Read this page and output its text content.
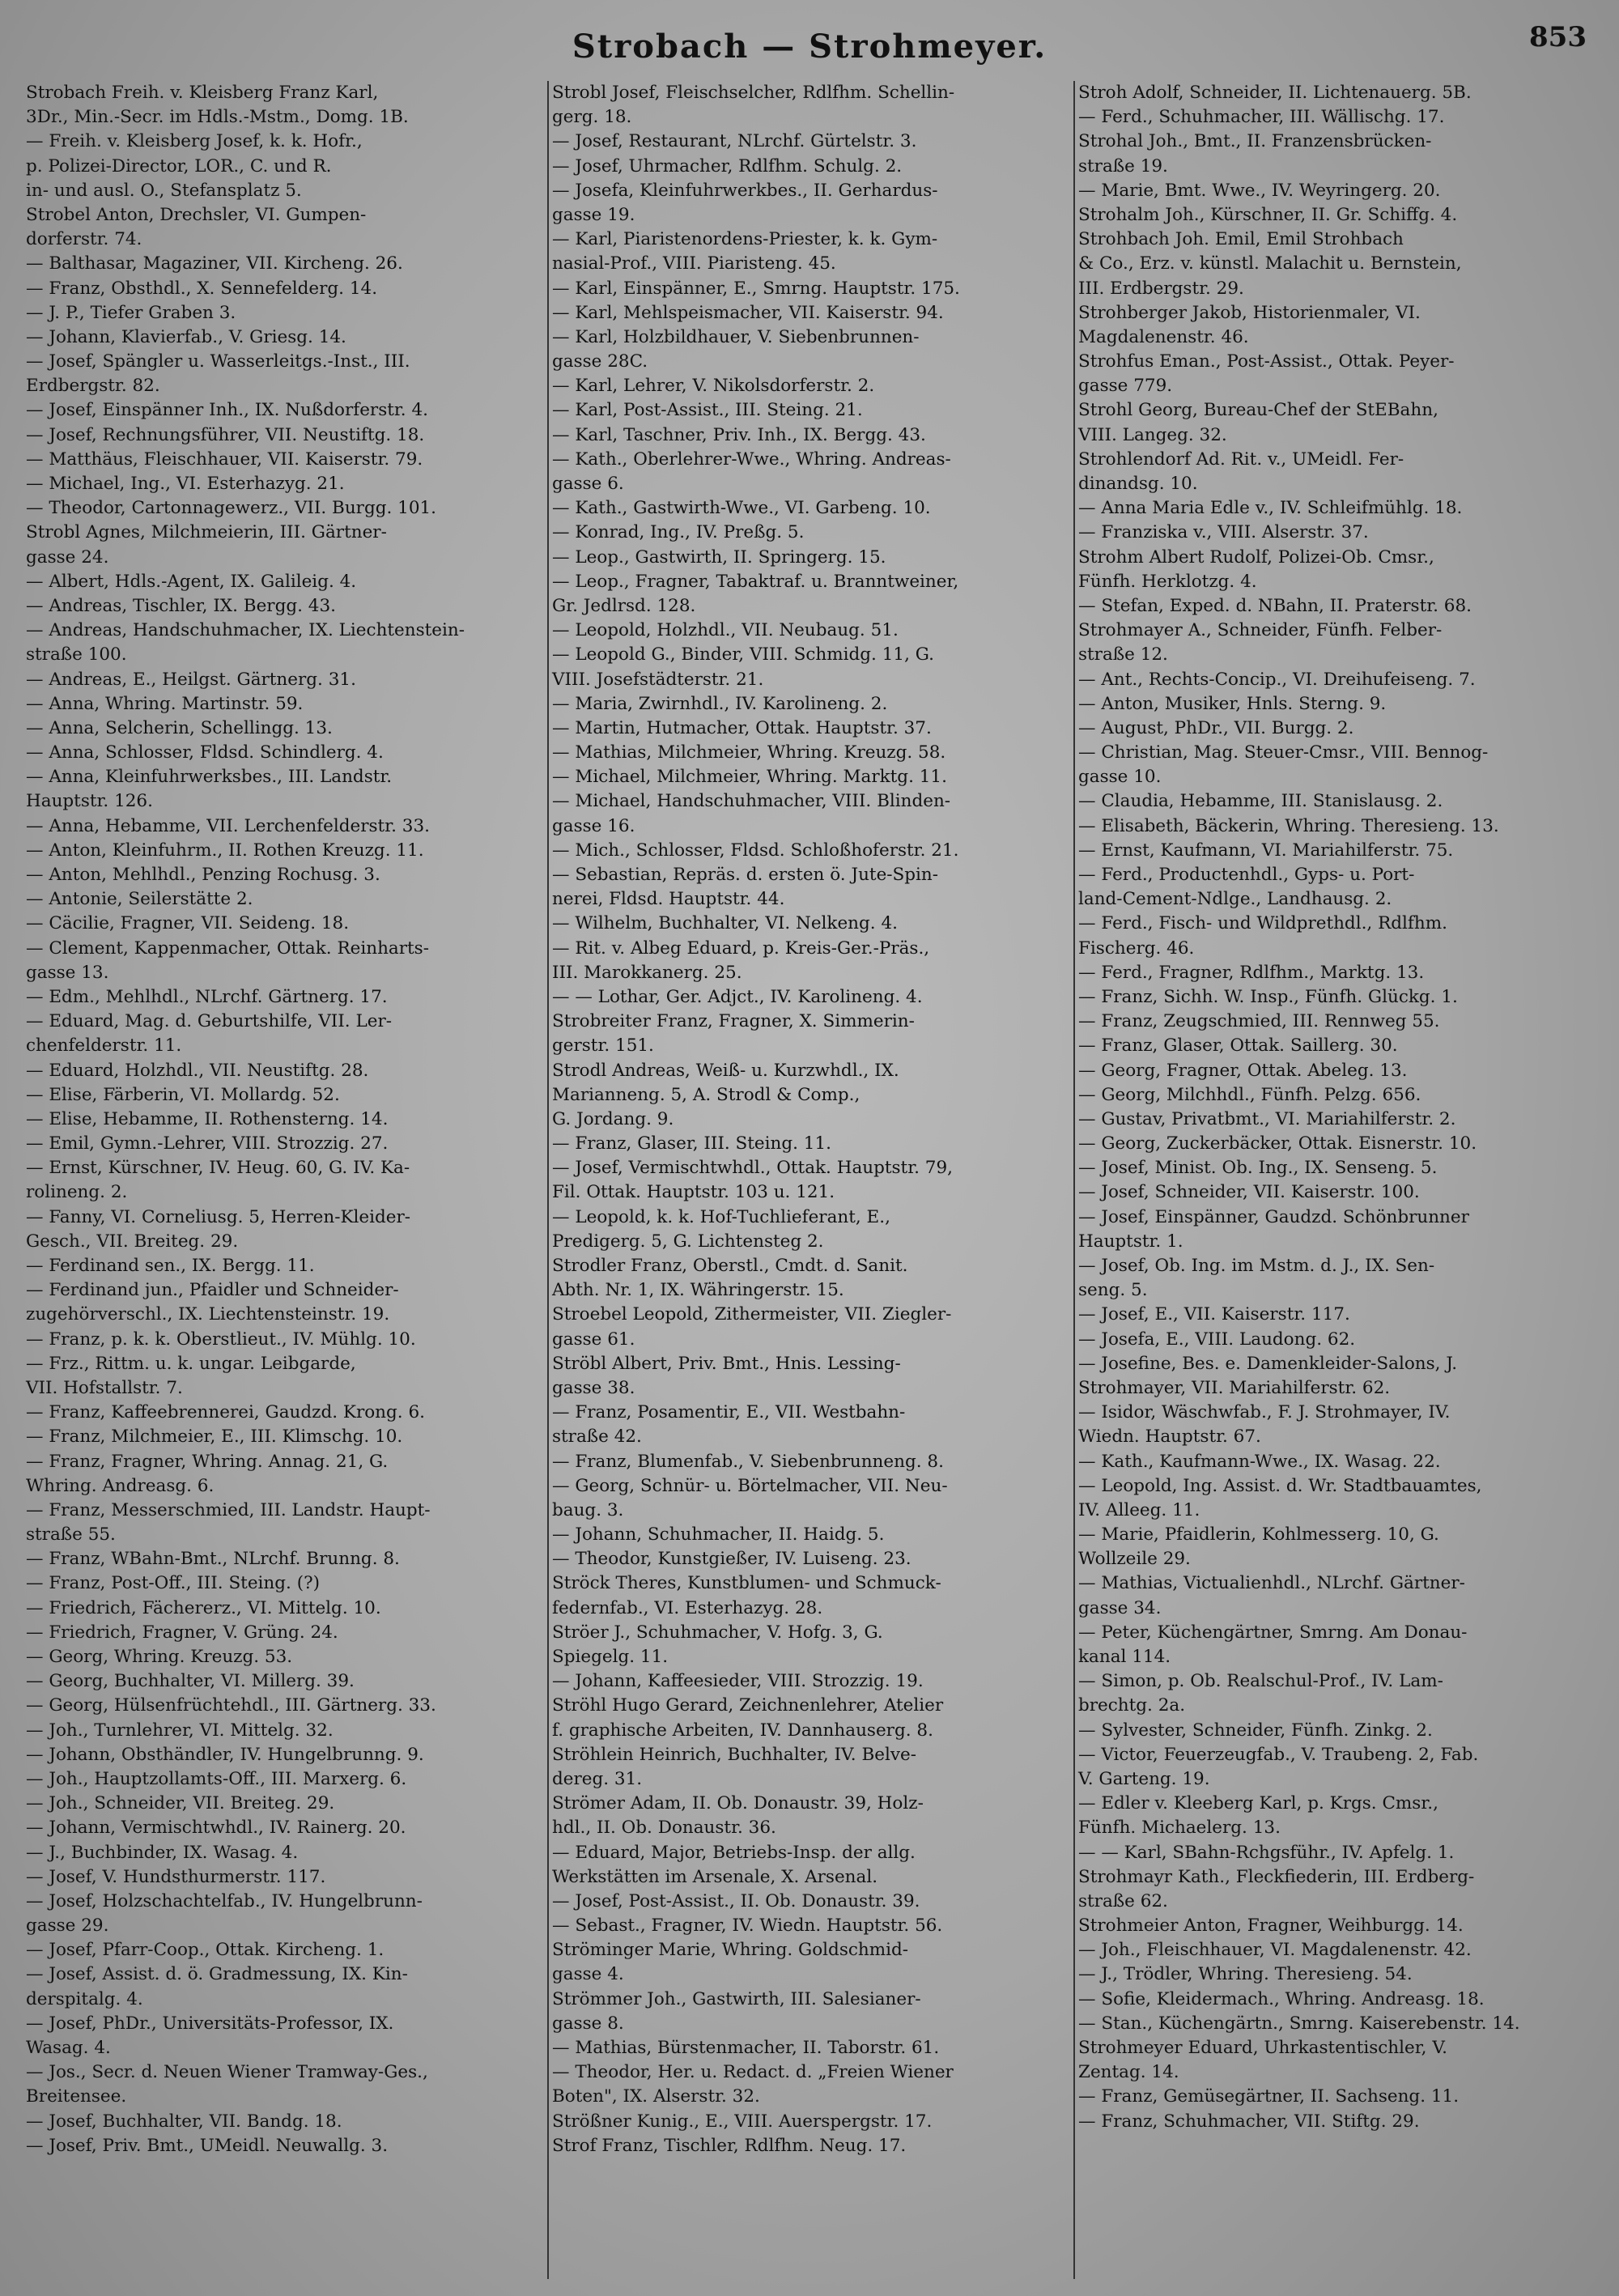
Strobach — Strohmeyer.	853
Strobach Freih. v. Kleisberg Franz Karl,
3Dr., Min.-Secr. im Hdls.-Mstm., Domg. 1B.
— Freih. v. Kleisberg Josef, k. k. Hofr.,
p. Polizei-Director, LOR., C. und R.
in- und ausl. O., Stefansplatz 5.
Strobel Anton, Drechsler, VI. Gumpen-
dorferstr. 74.
— Balthasar, Magaziner, VII. Kircheng. 26.
— Franz, Obsthdl., X. Sennefelderg. 14.
— J. P., Tiefer Graben 3.
— Johann, Klavierfab., V. Griesg. 14.
— Josef, Spängler u. Wasserleitgs.-Inst., III.
Erdbergstr. 82.
— Josef, Einspänner Inh., IX. Nußdorferstr. 4.
— Josef, Rechnungsführer, VII. Neustiftg. 18.
— Matthäus, Fleischhauer, VII. Kaiserstr. 79.
— Michael, Ing., VI. Esterhazyg. 21.
— Theodor, Cartonnagewerz., VII. Burgg. 101.
Strobl Agnes, Milchmeierin, III. Gärtner-
gasse 24.
— Albert, Hdls.-Agent, IX. Galileig. 4.
— Andreas, Tischler, IX. Bergg. 43.
— Andreas, Handschuhmacher, IX. Liechtenstein-
straße 100.
— Andreas, E., Heilgst. Gärtnerg. 31.
— Anna, Whring. Martinstr. 59.
— Anna, Selcherin, Schellingg. 13.
— Anna, Schlosser, Fldsd. Schindlerg. 4.
— Anna, Kleinfuhrwerksbes., III. Landstr.
Hauptstr. 126.
— Anna, Hebamme, VII. Lerchenfelderstr. 33.
— Anton, Kleinfuhrm., II. Rothen Kreuzg. 11.
— Anton, Mehlhdl., Penzing Rochusg. 3.
— Antonie, Seilerstätte 2.
— Cäcilie, Fragner, VII. Seideng. 18.
— Clement, Kappenmacher, Ottak. Reinharts-
gasse 13.
— Edm., Mehlhdl., NLrchf. Gärtnerg. 17.
— Eduard, Mag. d. Geburtshilfe, VII. Ler-
chenfelderstr. 11.
— Eduard, Holzhdl., VII. Neustiftg. 28.
— Elise, Färberin, VI. Mollardg. 52.
— Elise, Hebamme, II. Rothensterng. 14.
— Emil, Gymn.-Lehrer, VIII. Strozzig. 27.
— Ernst, Kürschner, IV. Heug. 60, G. IV. Ka-
rolineng. 2.
— Fanny, VI. Corneliusg. 5, Herren-Kleider-
Gesch., VII. Breiteg. 29.
— Ferdinand sen., IX. Bergg. 11.
— Ferdinand jun., Pfaidler und Schneider-
zugehörverschl., IX. Liechtensteinstr. 19.
— Franz, p. k. k. Oberstlieut., IV. Mühlg. 10.
— Frz., Rittm. u. k. ungar. Leibgarde,
VII. Hofstallstr. 7.
— Franz, Kaffeebrennerei, Gaudzd. Krong. 6.
— Franz, Milchmeier, E., III. Klimschg. 10.
— Franz, Fragner, Whring. Annag. 21, G.
Whring. Andreasg. 6.
— Franz, Messerschmied, III. Landstr. Haupt-
straße 55.
— Franz, WBahn-Bmt., NLrchf. Brunng. 8.
— Franz, Post-Off., III. Steing. (?)
— Friedrich, Fächererz., VI. Mittelg. 10.
— Friedrich, Fragner, V. Grüng. 24.
— Georg, Whring. Kreuzg. 53.
— Georg, Buchhalter, VI. Millerg. 39.
— Georg, Hülsenfrüchtehdl., III. Gärtnerg. 33.
— Joh., Turnlehrer, VI. Mittelg. 32.
— Johann, Obsthändler, IV. Hungelbrunng. 9.
— Joh., Hauptzollamts-Off., III. Marxerg. 6.
— Joh., Schneider, VII. Breiteg. 29.
— Johann, Vermischtwhdl., IV. Rainerg. 20.
— J., Buchbinder, IX. Wasag. 4.
— Josef, V. Hundsthurmerstr. 117.
— Josef, Holzschachtelfab., IV. Hungelbrunn-
gasse 29.
— Josef, Pfarr-Coop., Ottak. Kircheng. 1.
— Josef, Assist. d. ö. Gradmessung, IX. Kin-
derspitalg. 4.
— Josef, PhDr., Universitäts-Professor, IX.
Wasag. 4.
— Jos., Secr. d. Neuen Wiener Tramway-Ges.,
Breitensee.
— Josef, Buchhalter, VII. Bandg. 18.
— Josef, Priv. Bmt., UMeidl. Neuwallg. 3.
Strobl Josef, Fleischselcher, Rdlfhm. Schellin-
gerg. 18.
— Josef, Restaurant, NLrchf. Gürtelstr. 3.
— Josef, Uhrmacher, Rdlfhm. Schulg. 2.
— Josefa, Kleinfuhrwerkbes., II. Gerhardus-
gasse 19.
— Karl, Piaristenordens-Priester, k. k. Gym-
nasial-Prof., VIII. Piaristeng. 45.
— Karl, Einspänner, E., Smrng. Hauptstr. 175.
— Karl, Mehlspeismacher, VII. Kaiserstr. 94.
— Karl, Holzbildhauer, V. Siebenbrunnen-
gasse 28C.
— Karl, Lehrer, V. Nikolsdorferstr. 2.
— Karl, Post-Assist., III. Steing. 21.
— Karl, Taschner, Priv. Inh., IX. Bergg. 43.
— Kath., Oberlehrer-Wwe., Whring. Andreas-
gasse 6.
— Kath., Gastwirth-Wwe., VI. Garbeng. 10.
— Konrad, Ing., IV. Preßg. 5.
— Leop., Gastwirth, II. Springerg. 15.
— Leop., Fragner, Tabaktraf. u. Branntweiner,
Gr. Jedlrsd. 128.
— Leopold, Holzhdl., VII. Neubaug. 51.
— Leopold G., Binder, VIII. Schmidg. 11, G.
VIII. Josefstädterstr. 21.
— Maria, Zwirnhdl., IV. Karolineng. 2.
— Martin, Hutmacher, Ottak. Hauptstr. 37.
— Mathias, Milchmeier, Whring. Kreuzg. 58.
— Michael, Milchmeier, Whring. Marktg. 11.
— Michael, Handschuhmacher, VIII. Blinden-
gasse 16.
— Mich., Schlosser, Fldsd. Schloßhoferstr. 21.
— Sebastian, Repräs. d. ersten ö. Jute-Spin-
nerei, Fldsd. Hauptstr. 44.
— Wilhelm, Buchhalter, VI. Nelkeng. 4.
— Rit. v. Albeg Eduard, p. Kreis-Ger.-Präs.,
III. Marokkanerg. 25.
— — Lothar, Ger. Adjct., IV. Karolineng. 4.
Strobreiter Franz, Fragner, X. Simmerin-
gerstr. 151.
Strodl Andreas, Weiß- u. Kurzwhdl., IX.
Marianneng. 5, A. Strodl & Comp.,
G. Jordang. 9.
— Franz, Glaser, III. Steing. 11.
— Josef, Vermischtwhdl., Ottak. Hauptstr. 79,
Fil. Ottak. Hauptstr. 103 u. 121.
— Leopold, k. k. Hof-Tuchlieferant, E.,
Predigerg. 5, G. Lichtensteg 2.
Strodler Franz, Oberstl., Cmdt. d. Sanit.
Abth. Nr. 1, IX. Währingerstr. 15.
Stroebel Leopold, Zithermeister, VII. Ziegler-
gasse 61.
Ströbl Albert, Priv. Bmt., Hnis. Lessing-
gasse 38.
— Franz, Posamentir, E., VII. Westbahn-
straße 42.
— Franz, Blumenfab., V. Siebenbrunneng. 8.
— Georg, Schnür- u. Börtelmacher, VII. Neu-
baug. 3.
— Johann, Schuhmacher, II. Haidg. 5.
— Theodor, Kunstgießer, IV. Luiseng. 23.
Ströck Theres, Kunstblumen- und Schmuck-
federnfab., VI. Esterhazyg. 28.
Ströer J., Schuhmacher, V. Hofg. 3, G.
Spiegelg. 11.
— Johann, Kaffeesieder, VIII. Strozzig. 19.
Ströhl Hugo Gerard, Zeichnenlehrer, Atelier
f. graphische Arbeiten, IV. Dannhauserg. 8.
Ströhlein Heinrich, Buchhalter, IV. Belve-
dereg. 31.
Strömer Adam, II. Ob. Donaustr. 39, Holz-
hdl., II. Ob. Donaustr. 36.
— Eduard, Major, Betriebs-Insp. der allg.
Werkstätten im Arsenale, X. Arsenal.
— Josef, Post-Assist., II. Ob. Donaustr. 39.
— Sebast., Fragner, IV. Wiedn. Hauptstr. 56.
Ströminger Marie, Whring. Goldschmid-
gasse 4.
Strömmer Joh., Gastwirth, III. Salesianer-
gasse 8.
— Mathias, Bürstenmacher, II. Taborstr. 61.
— Theodor, Her. u. Redact. d. „Freien Wiener
Boten", IX. Alserstr. 32.
Strößner Kunig., E., VIII. Auerspergstr. 17.
Strof Franz, Tischler, Rdlfhm. Neug. 17.
Stroh Adolf, Schneider, II. Lichtenauerg. 5B.
— Ferd., Schuhmacher, III. Wällischg. 17.
Strohal Joh., Bmt., II. Franzensbrücken-
straße 19.
— Marie, Bmt. Wwe., IV. Weyringerg. 20.
Strohalm Joh., Kürschner, II. Gr. Schiffg. 4.
Strohbach Joh. Emil, Emil Strohbach
& Co., Erz. v. künstl. Malachit u. Bernstein,
III. Erdbergstr. 29.
Strohberger Jakob, Historienmaler, VI.
Magdalenenstr. 46.
Strohfus Eman., Post-Assist., Ottak. Peyer-
gasse 779.
Strohl Georg, Bureau-Chef der StEBahn,
VIII. Langeg. 32.
Strohlendorf Ad. Rit. v., UMeidl. Fer-
dinandsg. 10.
— Anna Maria Edle v., IV. Schleifmühlg. 18.
— Franziska v., VIII. Alserstr. 37.
Strohm Albert Rudolf, Polizei-Ob. Cmsr.,
Fünfh. Herklotzg. 4.
— Stefan, Exped. d. NBahn, II. Praterstr. 68.
Strohmayer A., Schneider, Fünfh. Felber-
straße 12.
— Ant., Rechts-Concip., VI. Dreihufeiseng. 7.
— Anton, Musiker, Hnls. Sterng. 9.
— August, PhDr., VII. Burgg. 2.
— Christian, Mag. Steuer-Cmsr., VIII. Bennog-
gasse 10.
— Claudia, Hebamme, III. Stanislausg. 2.
— Elisabeth, Bäckerin, Whring. Theresieng. 13.
— Ernst, Kaufmann, VI. Mariahilferstr. 75.
— Ferd., Productenhdl., Gyps- u. Port-
land-Cement-Ndlge., Landhausg. 2.
— Ferd., Fisch- und Wildprethdl., Rdlfhm.
Fischerg. 46.
— Ferd., Fragner, Rdlfhm., Marktg. 13.
— Franz, Sichh. W. Insp., Fünfh. Glückg. 1.
— Franz, Zeugschmied, III. Rennweg 55.
— Franz, Glaser, Ottak. Saillerg. 30.
— Georg, Fragner, Ottak. Abeleg. 13.
— Georg, Milchhdl., Fünfh. Pelzg. 656.
— Gustav, Privatbmt., VI. Mariahilferstr. 2.
— Georg, Zuckerbäcker, Ottak. Eisnerstr. 10.
— Josef, Minist. Ob. Ing., IX. Senseng. 5.
— Josef, Schneider, VII. Kaiserstr. 100.
— Josef, Einspänner, Gaudzd. Schönbrunner
Hauptstr. 1.
— Josef, Ob. Ing. im Mstm. d. J., IX. Sen-
seng. 5.
— Josef, E., VII. Kaiserstr. 117.
— Josefa, E., VIII. Laudong. 62.
— Josefine, Bes. e. Damenkleider-Salons, J.
Strohmayer, VII. Mariahilferstr. 62.
— Isidor, Wäschwfab., F. J. Strohmayer, IV.
Wiedn. Hauptstr. 67.
— Kath., Kaufmann-Wwe., IX. Wasag. 22.
— Leopold, Ing. Assist. d. Wr. Stadtbauamtes,
IV. Alleeg. 11.
— Marie, Pfaidlerin, Kohlmesserg. 10, G.
Wollzeile 29.
— Mathias, Victualienhdl., NLrchf. Gärtner-
gasse 34.
— Peter, Küchengärtner, Smrng. Am Donau-
kanal 114.
— Simon, p. Ob. Realschul-Prof., IV. Lam-
brechtg. 2a.
— Sylvester, Schneider, Fünfh. Zinkg. 2.
— Victor, Feuerzeugfab., V. Traubeng. 2, Fab.
V. Garteng. 19.
— Edler v. Kleeberg Karl, p. Krgs. Cmsr.,
Fünfh. Michaelerg. 13.
— — Karl, SBahn-Rchgsführ., IV. Apfelg. 1.
Strohmayr Kath., Fleckfiederin, III. Erdberg-
straße 62.
Strohmeier Anton, Fragner, Weihburgg. 14.
— Joh., Fleischhauer, VI. Magdalenenstr. 42.
— J., Trödler, Whring. Theresieng. 54.
— Sofie, Kleidermach., Whring. Andreasg. 18.
— Stan., Küchengärtn., Smrng. Kaiserebenstr. 14.
Strohmeyer Eduard, Uhrkastentischler, V.
Zentag. 14.
— Franz, Gemüsegärtner, II. Sachseng. 11.
— Franz, Schuhmacher, VII. Stiftg. 29.
